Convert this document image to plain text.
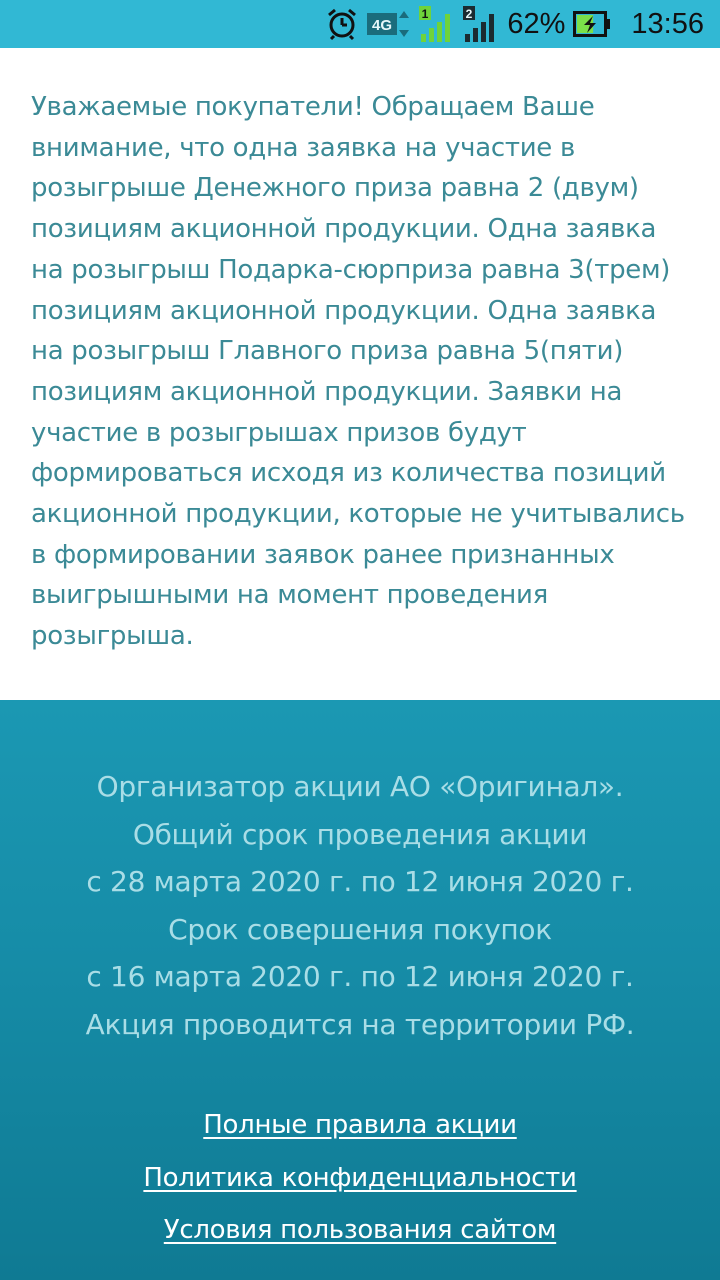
4G
1	2 62% 13:56

Уважаемые покупатели! Обращаем Ваше внимание, что одна заявка на участие в розыгрыше Денежного приза равна 2 (двум) позициям акционной продукции. Одна заявка на розыгрыш Подарка-сюрприза равна 3(трем) позициям акционной продукции. Одна заявка на розыгрыш Главного приза равна 5(пяти) позициям акционной продукции. Заявки на участие в розыгрышах призов будут формироваться исходя из количества позиций акционной продукции, которые не учитывались в формировании заявок ранее признанных выигрышными на момент проведения розыгрыша.

Организатор акции АО «Оригинал».
Общий срок проведения акции
с 28 марта 2020 г. по 12 июня 2020 г.
Срок совершения покупок
с 16 марта 2020 г. по 12 июня 2020 г.
Акция проводится на территории РФ.
Полные правила акции
Политика конфиденциальности
Условия пользования сайтом
